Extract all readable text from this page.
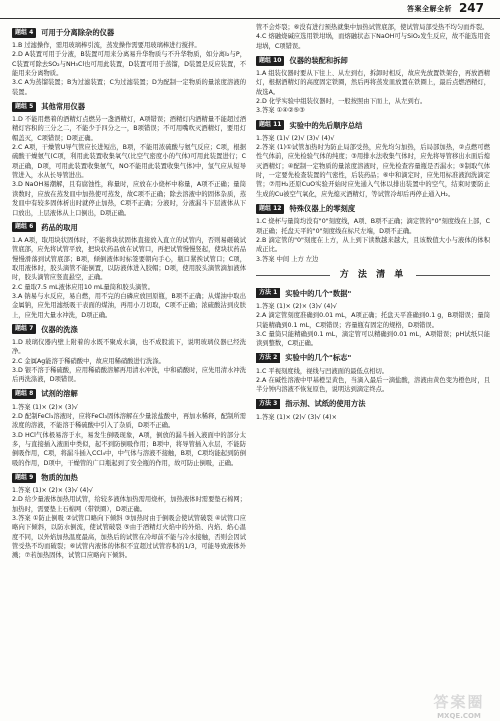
答案全解全析 247
题组 4	可用于分离除杂的仪器

1.B 过滤操作，需用玻璃棒引流，蒸发操作需要用玻璃棒进行搅拌。

2.D A装置可用于分液，B装置可用来分离易升华物质与不升华物质，如分离I₂与P，C装置可除去SO₂与NH₃Cl也可用此装置，D装置可用于蒸馏，D装置是反应装置，不能用来分离物质。

3.C A为蒸馏装置；B为过滤装置；C为过滤装置；D为配制一定物质的量浓度溶液的装置。

题组 5	其他常用仪器

1.D 不能用燃着的酒精灯点燃另一盏酒精灯，A项错误；酒精灯内酒精量不能超过酒精灯容积的三分之二，不能少于四分之一，B项错误；不可用嘴吹灭酒精灯，要用灯帽盖灭，C项错误；D项正确。

2.C A项，干燥管U导气管应长进短出，B项，不能用浓硫酸与氨气反应；C项，根据硫酸干燥氨气(C项，利用此装置收集氧气(比空气密度小的气体)可用此装置进行；C项正确，D项，可用此装置收集氨气，NO不能用此装置收集气体)中，氢气应从短导管进入，水从长导管进出。

3.D NaOH易潮解，且有腐蚀性，称量时，应放在小烧杯中称量，A项不正确；量筒读数时，应放在蒸发皿中加热使可蒸发，故C项不正确；除去溶液中的固体杂质，蒸发皿中有较多固体析出时就停止加热，C项不正确；分液时，分液漏斗下层液体从下口放出，上层液体从上口倒出，D项正确。

题组 6	药品的取用

1.A A项，取用块状固体时，不能将块状固体直接放入直立的试管内，否则易砸破试管底部，应先将试管平放，把块状药品放在试管口，再把试管慢慢竖起，使块状药品慢慢滑落到试管底部；B项，倾倒液体时标签要朝向手心，瓶口紧挨试管口；C项，取用液体时，胶头滴管不能倒置，以防液体进入胶帽；D项，使用胶头滴管滴加液体时，胶头滴管应竖直悬空，正确。

2.C 量取7.5 mL液体应用10 mL量筒和胶头滴管。

3.A 钠易与水反应，易自燃，用不完的白磷应放回原瓶，B项不正确；从煤油中取出金属钠，应先用滤纸吸干表面的煤油，再用小刀切取，C项不正确；浓硫酸沾到皮肤上，应先用大量水冲洗，D项正确。

题组 7	仪器的洗涤

1.D 玻璃仪器内壁上附着的水既不聚成水滴，也不成股流下，说明玻璃仪器已经洗净。

2.C 金属Ag能溶于稀硝酸中，故应用稀硝酸进行洗涤。

3.D 银不溶于稀硫酸，应用稀硝酸溶解再用清水冲洗，中和硝酸时，应先用清水冲洗后再洗涤液，D项错误。

题组 8	试剂的溶解

1.答案 (1)× (2)× (3)√

2.D 配制FeCl₃溶液时，应将FeCl₃固体溶解在少量浓盐酸中，再加水稀释，配制所需浓度的溶液，不能溶于稀硫酸中引入了杂质，D项不正确。

3.D HCl气体极易溶于水，易发生倒吸现象，A项，倒放的漏斗插入液面中的部分太多，与直接插入液面中类似，起不到防倒吸作用；B项中，将导管插入水层，不能防倒吸作用，C项，将漏斗插入CCl₄中，中气体与溶液不接触，B项，C项均能起到防倒吸的作用，D项中，干燥管的广口瓶起到了安全瓶的作用，故可防止倒吸，正确。

题组 9	物质的加热

1.答案 (1)× (2)× (3)√ (4)√

2.D 给少量液体加热用试管，给较多液体加热需用烧杯，加热液体时需要垫石棉网；加热时，需要垫上石棉网（带铁圈），D项正确。

3.答案 ①防止倒吸 ②试管口略向下倾斜 ③加热时由于倒吸会使试管破裂 ④试管口应略向下倾斜，以防水倒流，使试管破裂 ⑤由于酒精灯火焰中的外焰、内焰、焰心温度不同，以外焰加热温度最高，加热后的试管在冷却前不能与冷水接触，否则会因试管受热不均而破裂；⑥试管内液体的体积不宜超过试管容积的1/3，可能导致液体外溅；⑦若加热固体，试管口应略向下倾斜。

管不会炸裂；⑥没有进行预热就集中加热试管底部，使试管局部受热不均匀而炸裂。

4.C 熔融烧碱应选用铁坩埚，而熔融状态下NaOH可与SiO₂发生反应，故不能选用瓷坩埚，C项错误。

题组 10	仪器的装配和拆卸

1.A 组装仪器时要从下往上、从左到右，拆卸时相反，故应先放置铁架台，再放酒精灯，根据酒精灯的高度固定铁圈，然后再将蒸发皿放置在铁圈上，最后点燃酒精灯，故选A。

2.D 化学实验中组装仪器时，一般按照由下而上，从左到右。

3.答案 ①④②⑤③

题组 11	实验中的先后顺序总结

1.答案 (1)√ (2)√ (3)√ (4)√

2.答案 (1)①试管加热时为防止局部受热，应先均匀加热，后局部加热，②点燃可燃性气体前，应先检验气体的纯度；③用排水法收集气体时，应先将导管移出水面后熄灭酒精灯；④配制一定物质的量浓度溶液时，应先检查容量瓶是否漏水；⑤制取气体时，一定要先检查装置的气密性，后装药品；⑥中和滴定时，应先用标准液润洗滴定管；⑦用H₂还原CuO实验开始时应先通入气体以排出装置中的空气，结束时要防止生成的Cu被空气氧化，应先熄灭酒精灯，等试管冷却后再停止通入H₂。

题组 12	特殊仪器上的零刻度

1.C 烧杯与量筒均没有"0"刻度线，A项、B项不正确；滴定管的"0"刻度线在上部，C项正确；托盘天平的"0"刻度线在标尺左端，D项不正确。

2.B 滴定管的"0"刻度在上方，从上到下读数越来越大，且该数值大小与液体的体积成正比。

3.答案 中间 上方 左边

方 法 清 单
方法 1	实验中的几个"数据"

1.答案 (1)× (2)× (3)√ (4)√

2.A 滴定管刻度准确到0.01 mL，A项正确；托盘天平准确到0.1 g，B项错误；量筒只能精确到0.1 mL，C项错误；容量瓶有固定的规格，D项错误。

3.C 量筒只能精确到0.1 mL，滴定管可以精确到0.01 mL，A项错误；pH试纸只能读到整数，C项正确。

方法 2	实验中的几个"标志"

1.C 平视刻度线，视线与凹液面的最低点相切。

2.A 在碱性溶液中甲基橙呈黄色，当滴入最后一滴盐酸，溶液由黄色变为橙色时，且半分钟内溶液不恢复原色，说明达到滴定终点。

方法 3	指示剂、试纸的使用方法

1.答案 (1)× (2)√ (3)√ (4)×

答案圈
MXQE.COM
